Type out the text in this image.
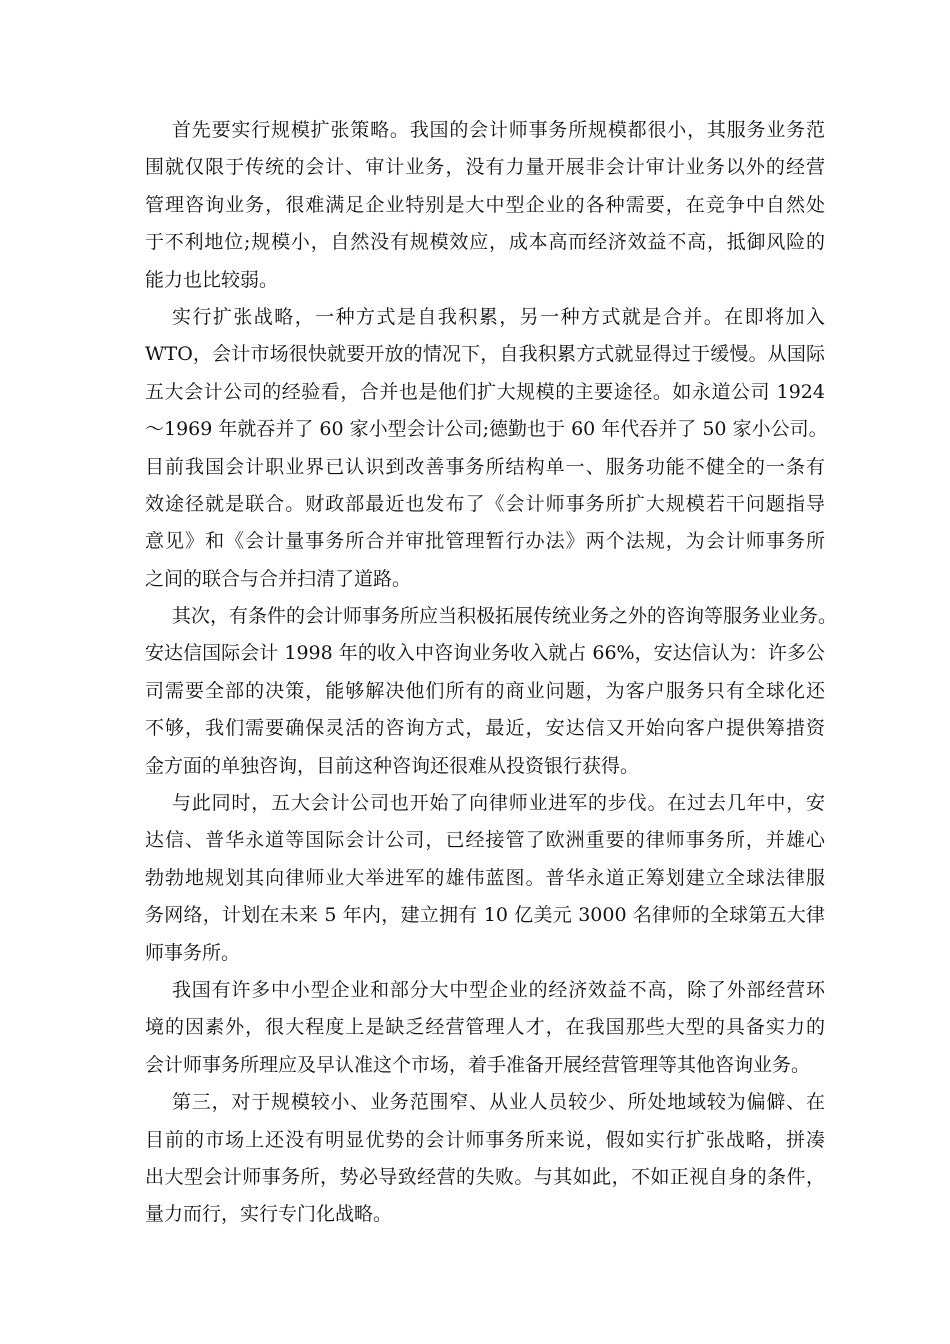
首先要实行规模扩张策略。我国的会计师事务所规模都很小，其服务业务范
围就仅限于传统的会计、审计业务，没有力量开展非会计审计业务以外的经营
管理咨询业务，很难满足企业特别是大中型企业的各种需要，在竞争中自然处
于不利地位;规模小，自然没有规模效应，成本高而经济效益不高，抵御风险的
能力也比较弱。
实行扩张战略，一种方式是自我积累，另一种方式就是合并。在即将加入
WTO，会计市场很快就要开放的情况下，自我积累方式就显得过于缓慢。从国际
五大会计公司的经验看，合并也是他们扩大规模的主要途径。如永道公司 1924
～1969 年就吞并了 60 家小型会计公司;德勤也于 60 年代吞并了 50 家小公司。
目前我国会计职业界已认识到改善事务所结构单一、服务功能不健全的一条有
效途径就是联合。财政部最近也发布了《会计师事务所扩大规模若干问题指导
意见》和《会计量事务所合并审批管理暂行办法》两个法规，为会计师事务所
之间的联合与合并扫清了道路。
其次，有条件的会计师事务所应当积极拓展传统业务之外的咨询等服务业业务。
安达信国际会计 1998 年的收入中咨询业务收入就占 66%，安达信认为：许多公
司需要全部的决策，能够解决他们所有的商业问题，为客户服务只有全球化还
不够，我们需要确保灵活的咨询方式，最近，安达信又开始向客户提供筹措资
金方面的单独咨询，目前这种咨询还很难从投资银行获得。
与此同时，五大会计公司也开始了向律师业进军的步伐。在过去几年中，安
达信、普华永道等国际会计公司，已经接管了欧洲重要的律师事务所，并雄心
勃勃地规划其向律师业大举进军的雄伟蓝图。普华永道正筹划建立全球法律服
务网络，计划在未来 5 年内，建立拥有 10 亿美元 3000 名律师的全球第五大律
师事务所。
我国有许多中小型企业和部分大中型企业的经济效益不高，除了外部经营环
境的因素外，很大程度上是缺乏经营管理人才，在我国那些大型的具备实力的
会计师事务所理应及早认准这个市场，着手准备开展经营管理等其他咨询业务。
第三，对于规模较小、业务范围窄、从业人员较少、所处地域较为偏僻、在
目前的市场上还没有明显优势的会计师事务所来说，假如实行扩张战略，拼凑
出大型会计师事务所，势必导致经营的失败。与其如此，不如正视自身的条件，
量力而行，实行专门化战略。
